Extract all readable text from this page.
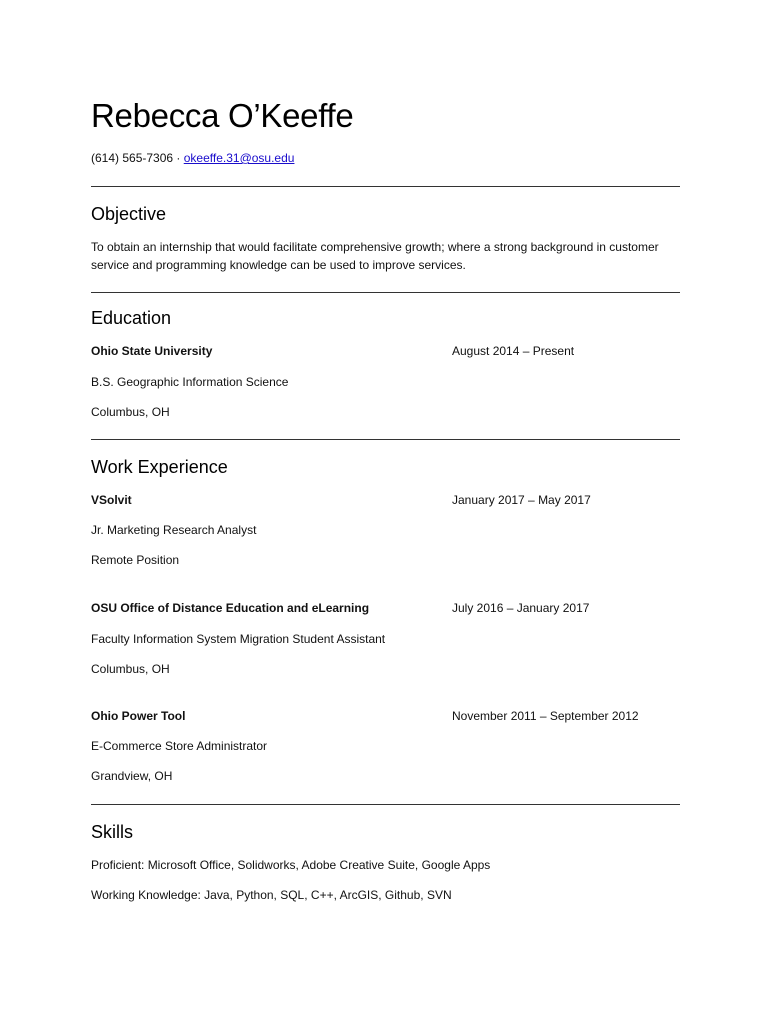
Rebecca O’Keeffe
(614) 565-7306 · okeeffe.31@osu.edu
Objective
To obtain an internship that would facilitate comprehensive growth; where a strong background in customer service and programming knowledge can be used to improve services.
Education
Ohio State University	August 2014 – Present
B.S. Geographic Information Science
Columbus, OH
Work Experience
VSolvit	January 2017 – May 2017
Jr. Marketing Research Analyst
Remote Position
OSU Office of Distance Education and eLearning	July 2016 – January 2017
Faculty Information System Migration Student Assistant
Columbus, OH
Ohio Power Tool	November 2011 – September 2012
E-Commerce Store Administrator
Grandview, OH
Skills
Proficient: Microsoft Office, Solidworks, Adobe Creative Suite, Google Apps
Working Knowledge: Java, Python, SQL, C++, ArcGIS, Github, SVN
